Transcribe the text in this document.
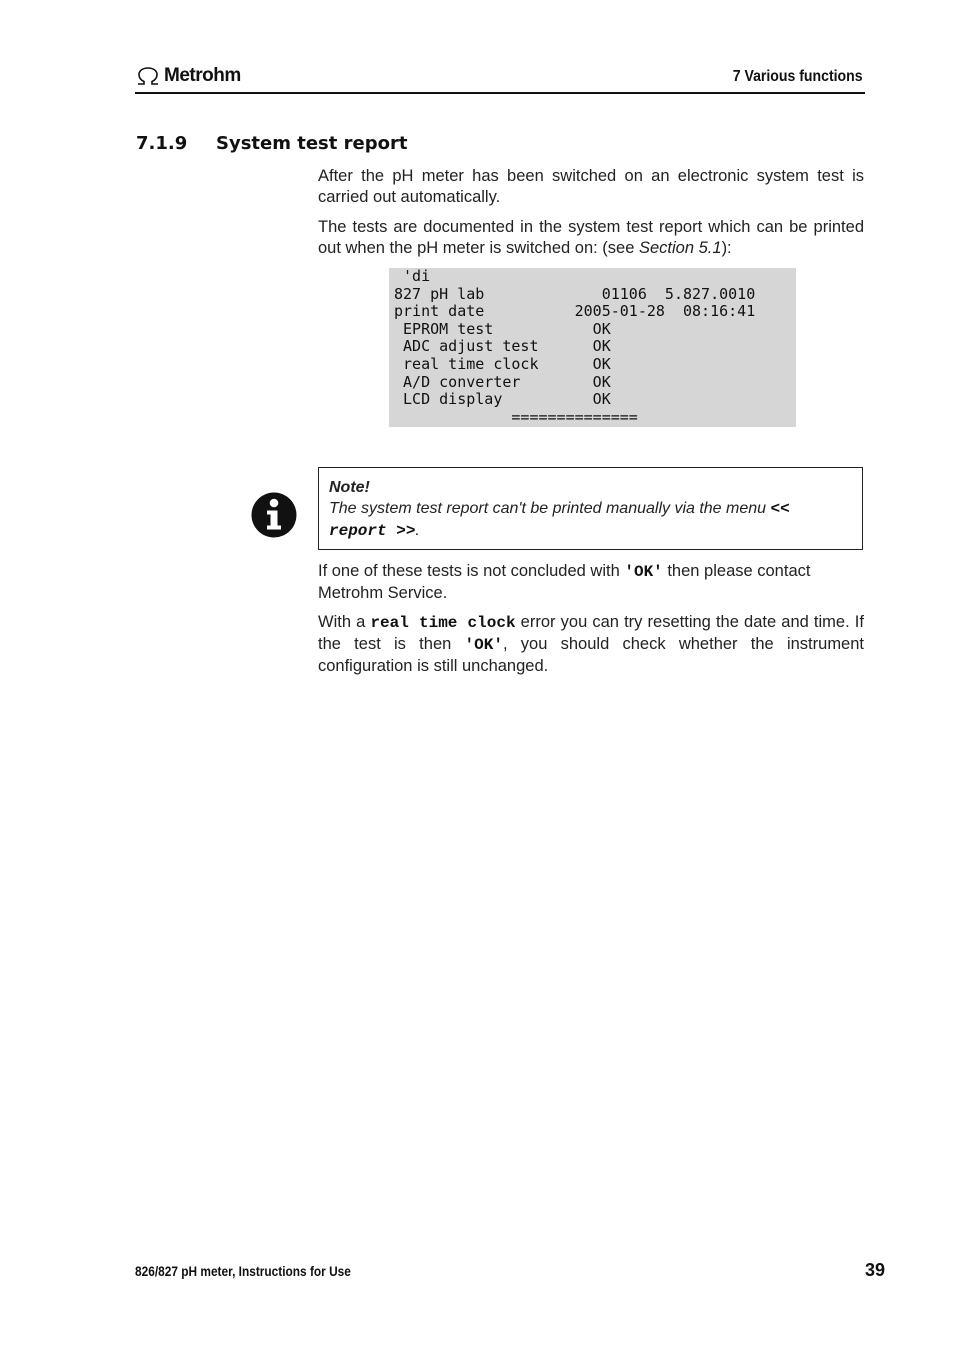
Metrohm	7 Various functions
7.1.9 System test report

After the pH meter has been switched on an electronic system test is carried out automatically.

The tests are documented in the system test report which can be printed out when the pH meter is switched on: (see Section 5.1):

'di
827 pH lab             01106  5.827.0010
print date          2005-01-28  08:16:41
EPROM test           OK
ADC adjust test      OK
real time clock      OK
A/D converter        OK
LCD display          OK
==============
Note!
The system test report can't be printed manually via the menu << report >>.

If one of these tests is not concluded with 'OK' then please contact Metrohm Service.

With a real time clock error you can try resetting the date and time. If the test is then 'OK', you should check whether the instrument configuration is still unchanged.

826/827 pH meter, Instructions for Use	39
